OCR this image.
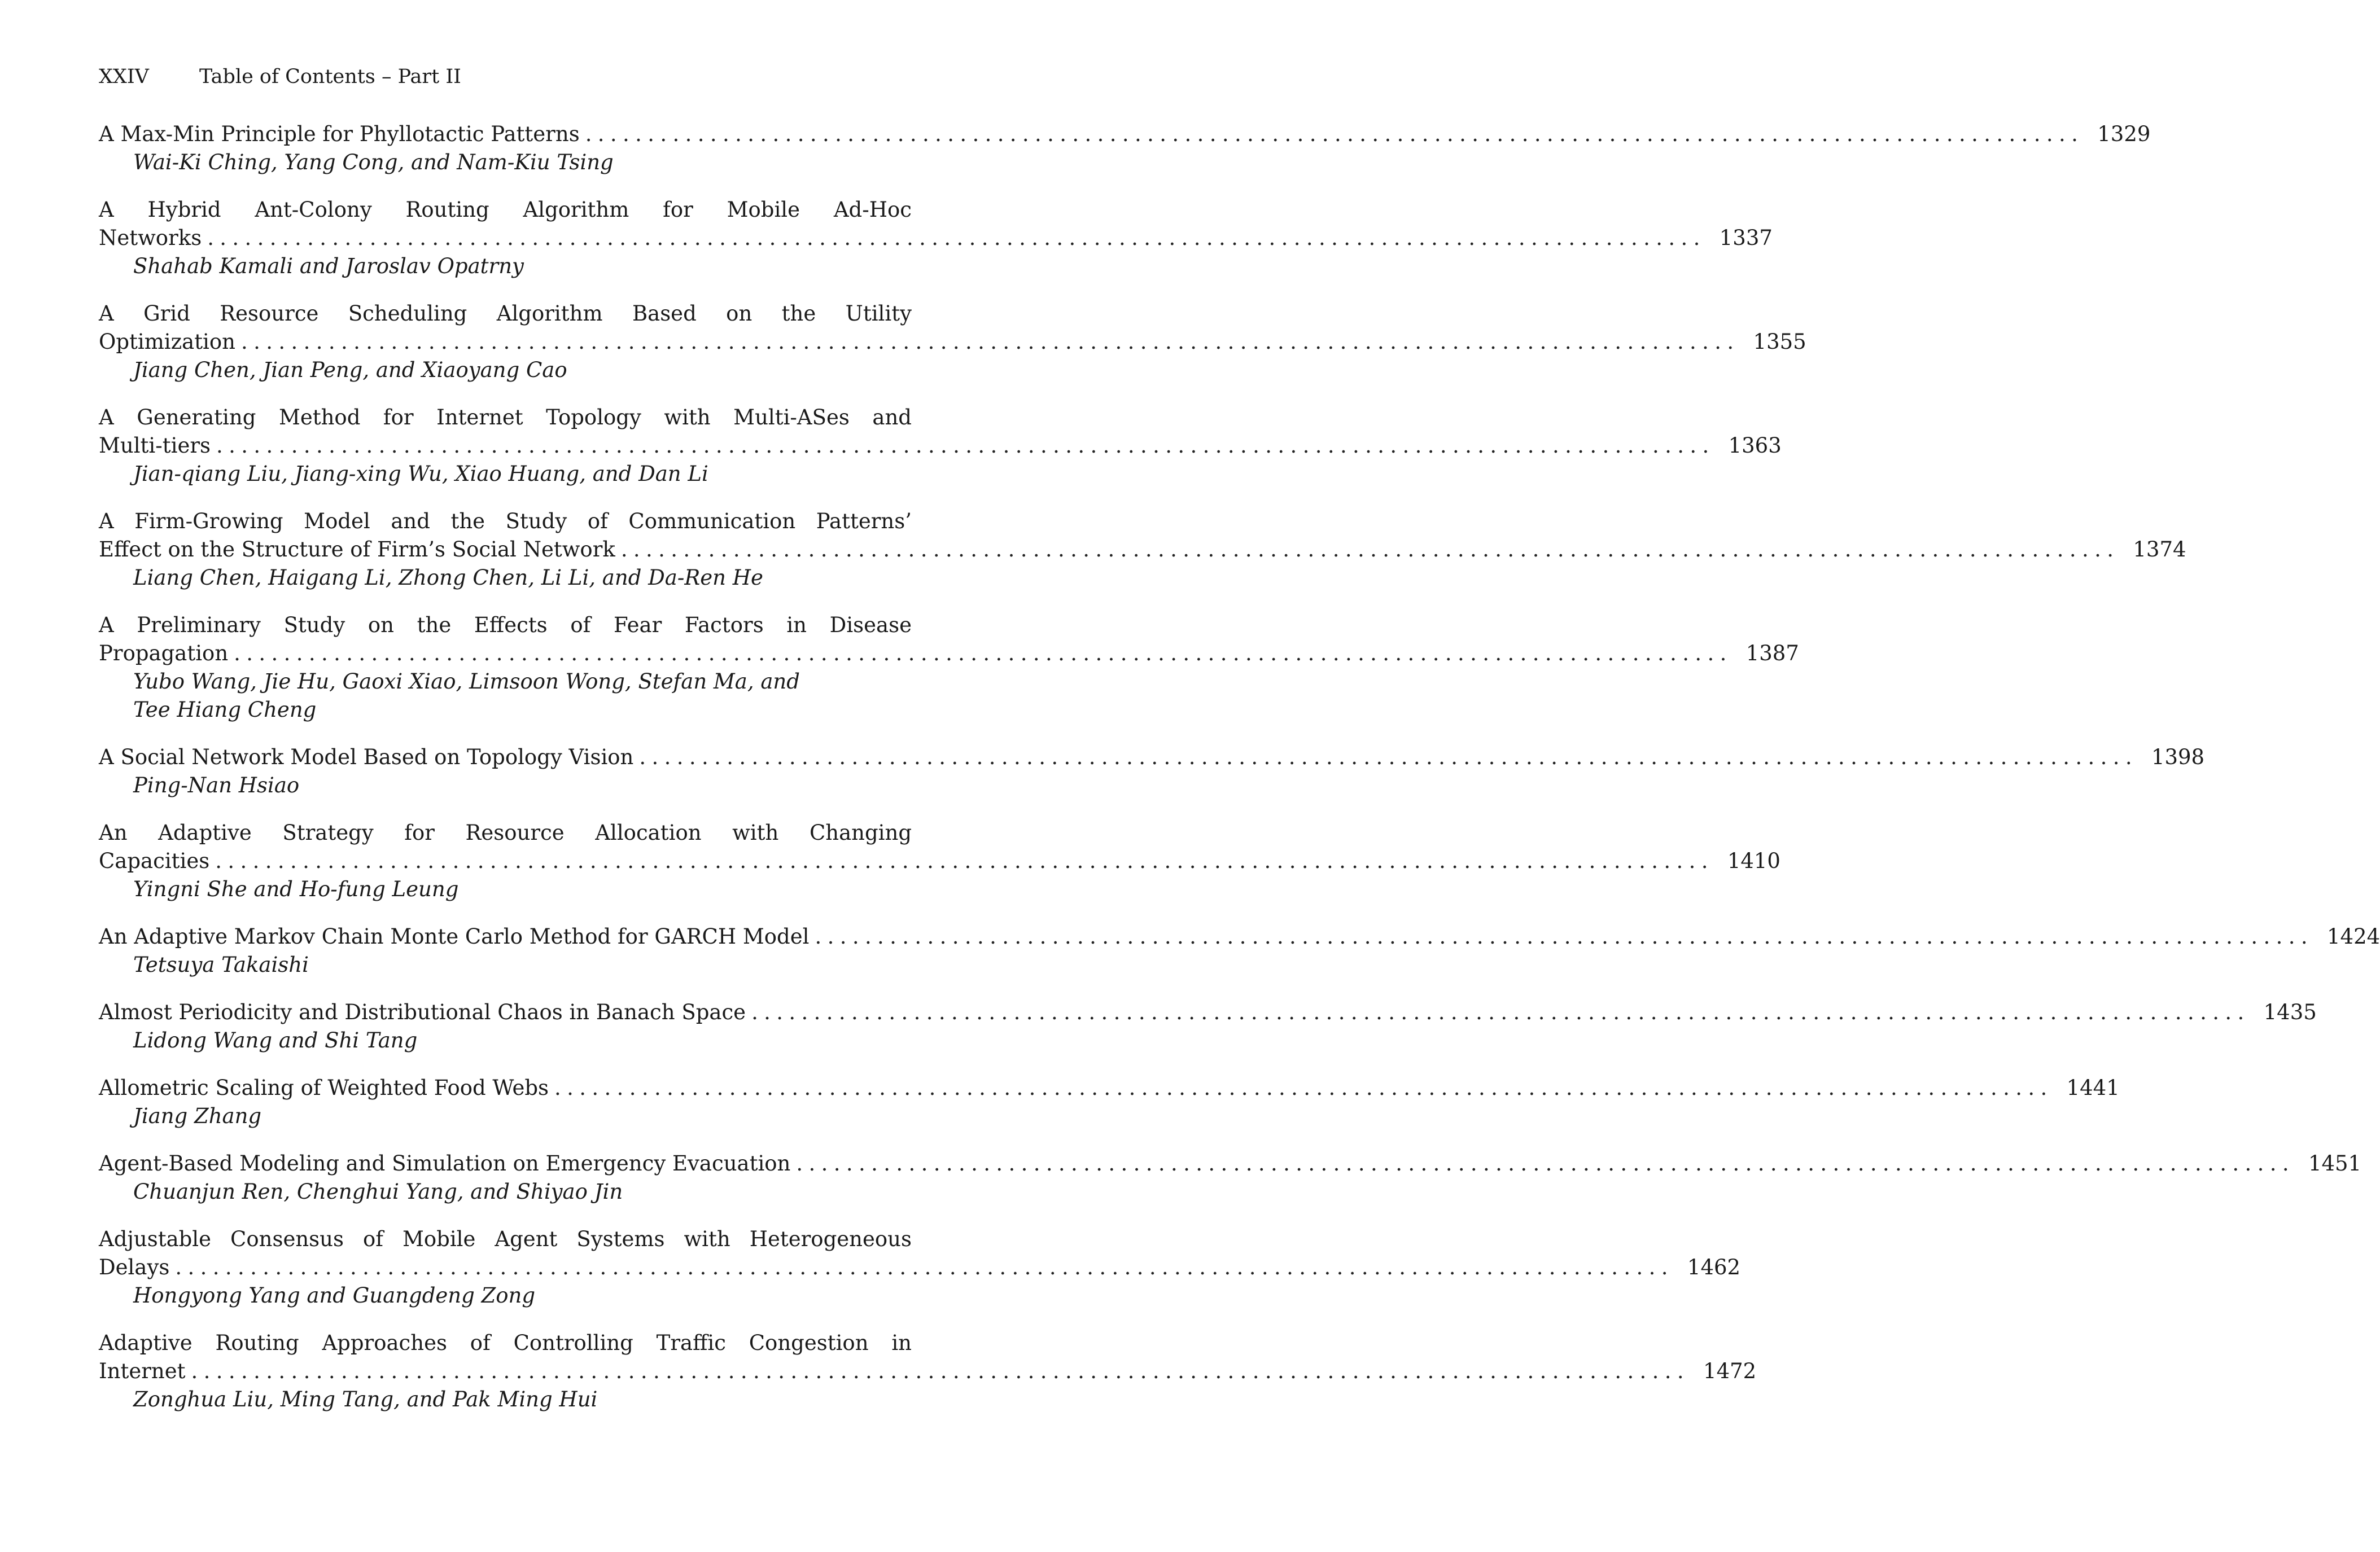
XXIV	Table of Contents – Part II
A Max-Min Principle for Phyllotactic Patterns ........................................................................................................................ 1329
Wai-Ki Ching, Yang Cong, and Nam-Kiu Tsing
A Hybrid Ant-Colony Routing Algorithm for Mobile Ad-Hoc
Networks ........................................................................................................................ 1337
Shahab Kamali and Jaroslav Opatrny
A Grid Resource Scheduling Algorithm Based on the Utility
Optimization ........................................................................................................................ 1355
Jiang Chen, Jian Peng, and Xiaoyang Cao
A Generating Method for Internet Topology with Multi-ASes and
Multi-tiers ........................................................................................................................ 1363
Jian-qiang Liu, Jiang-xing Wu, Xiao Huang, and Dan Li
A Firm-Growing Model and the Study of Communication Patterns’
Effect on the Structure of Firm’s Social Network ........................................................................................................................ 1374
Liang Chen, Haigang Li, Zhong Chen, Li Li, and Da-Ren He
A Preliminary Study on the Effects of Fear Factors in Disease
Propagation ........................................................................................................................ 1387
Yubo Wang, Jie Hu, Gaoxi Xiao, Limsoon Wong, Stefan Ma, and Tee Hiang Cheng
A Social Network Model Based on Topology Vision ........................................................................................................................ 1398
Ping-Nan Hsiao
An Adaptive Strategy for Resource Allocation with Changing
Capacities ........................................................................................................................ 1410
Yingni She and Ho-fung Leung
An Adaptive Markov Chain Monte Carlo Method for GARCH Model ........................................................................................................................ 1424
Tetsuya Takaishi
Almost Periodicity and Distributional Chaos in Banach Space ........................................................................................................................ 1435
Lidong Wang and Shi Tang
Allometric Scaling of Weighted Food Webs ........................................................................................................................ 1441
Jiang Zhang
Agent-Based Modeling and Simulation on Emergency Evacuation ........................................................................................................................ 1451
Chuanjun Ren, Chenghui Yang, and Shiyao Jin
Adjustable Consensus of Mobile Agent Systems with Heterogeneous
Delays ........................................................................................................................ 1462
Hongyong Yang and Guangdeng Zong
Adaptive Routing Approaches of Controlling Traffic Congestion in
Internet ........................................................................................................................ 1472
Zonghua Liu, Ming Tang, and Pak Ming Hui
